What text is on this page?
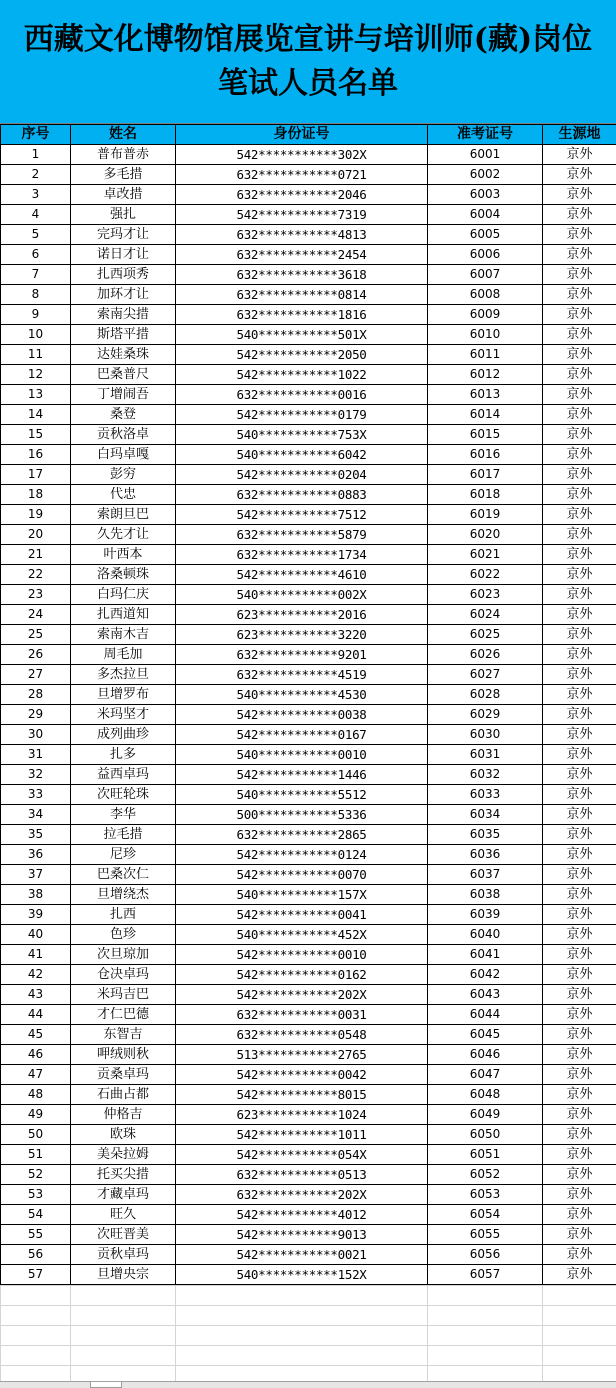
西藏文化博物馆展览宣讲与培训师(藏)岗位笔试人员名单
序号	姓名	身份证号	准考证号	生源地
1	普布普赤	542***********302X	6001	京外
2	多毛措	632***********0721	6002	京外
3	卓改措	632***********2046	6003	京外
4	强扎	542***********7319	6004	京外
5	完玛才让	632***********4813	6005	京外
6	诺日才让	632***********2454	6006	京外
7	扎西项秀	632***********3618	6007	京外
8	加环才让	632***********0814	6008	京外
9	索南尖措	632***********1816	6009	京外
10	斯塔平措	540***********501X	6010	京外
11	达娃桑珠	542***********2050	6011	京外
12	巴桑普尺	542***********1022	6012	京外
13	丁增闹吾	632***********0016	6013	京外
14	桑登	542***********0179	6014	京外
15	贡秋洛卓	540***********753X	6015	京外
16	白玛卓嘎	540***********6042	6016	京外
17	彭穷	542***********0204	6017	京外
18	代忠	632***********0883	6018	京外
19	索朗旦巴	542***********7512	6019	京外
20	久先才让	632***********5879	6020	京外
21	叶西本	632***********1734	6021	京外
22	洛桑顿珠	542***********4610	6022	京外
23	白玛仁庆	540***********002X	6023	京外
24	扎西道知	623***********2016	6024	京外
25	索南木吉	623***********3220	6025	京外
26	周毛加	632***********9201	6026	京外
27	多杰拉旦	632***********4519	6027	京外
28	旦增罗布	540***********4530	6028	京外
29	米玛坚才	542***********0038	6029	京外
30	成列曲珍	542***********0167	6030	京外
31	扎多	540***********0010	6031	京外
32	益西卓玛	542***********1446	6032	京外
33	次旺轮珠	540***********5512	6033	京外
34	李华	500***********5336	6034	京外
35	拉毛措	632***********2865	6035	京外
36	尼珍	542***********0124	6036	京外
37	巴桑次仁	542***********0070	6037	京外
38	旦增绕杰	540***********157X	6038	京外
39	扎西	542***********0041	6039	京外
40	色珍	540***********452X	6040	京外
41	次旦琼加	542***********0010	6041	京外
42	仓决卓玛	542***********0162	6042	京外
43	米玛吉巴	542***********202X	6043	京外
44	才仁巴德	632***********0031	6044	京外
45	东智吉	632***********0548	6045	京外
46	呷绒则秋	513***********2765	6046	京外
47	贡桑卓玛	542***********0042	6047	京外
48	石曲占都	542***********8015	6048	京外
49	仲格吉	623***********1024	6049	京外
50	欧珠	542***********1011	6050	京外
51	美朵拉姆	542***********054X	6051	京外
52	托买尖措	632***********0513	6052	京外
53	才藏卓玛	632***********202X	6053	京外
54	旺久	542***********4012	6054	京外
55	次旺晋美	542***********9013	6055	京外
56	贡秋卓玛	542***********0021	6056	京外
57	旦增央宗	540***********152X	6057	京外
